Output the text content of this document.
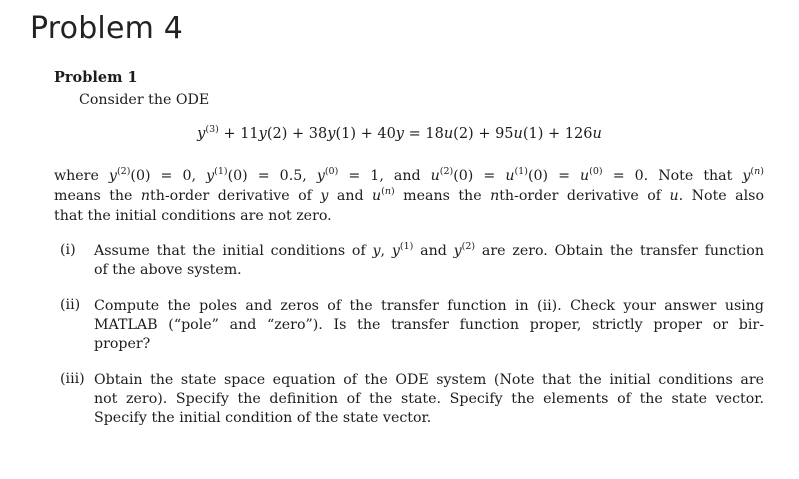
Problem 4
Problem 1
Consider the ODE
$y^{(3)} + 11y(2) + 38y(1) + 40y = 18u(2) + 95u(1) + 126u$
where $y^{(2)}(0) = 0$, $y^{(1)}(0) = 0.5$, $y^{(0)} = 1$, and $u^{(2)}(0) = u^{(1)}(0) = u^{(0)} = 0$. Note that $y^{(n)}$
means the nth-order derivative of y and $u^{(n)}$ means the nth-order derivative of u. Note also
that the initial conditions are not zero.
(i)	Assume that the initial conditions of y, $y^{(1)}$ and $y^{(2)}$ are zero. Obtain the transfer function
of the above system.
(ii) Compute the poles and zeros of the transfer function in (ii). Check your answer using
MATLAB (“pole” and “zero”). Is the transfer function proper, strictly proper or bir-
proper?
(iii) Obtain the state space equation of the ODE system (Note that the initial conditions are
not zero). Specify the definition of the state. Specify the elements of the state vector.
Specify the initial condition of the state vector.
